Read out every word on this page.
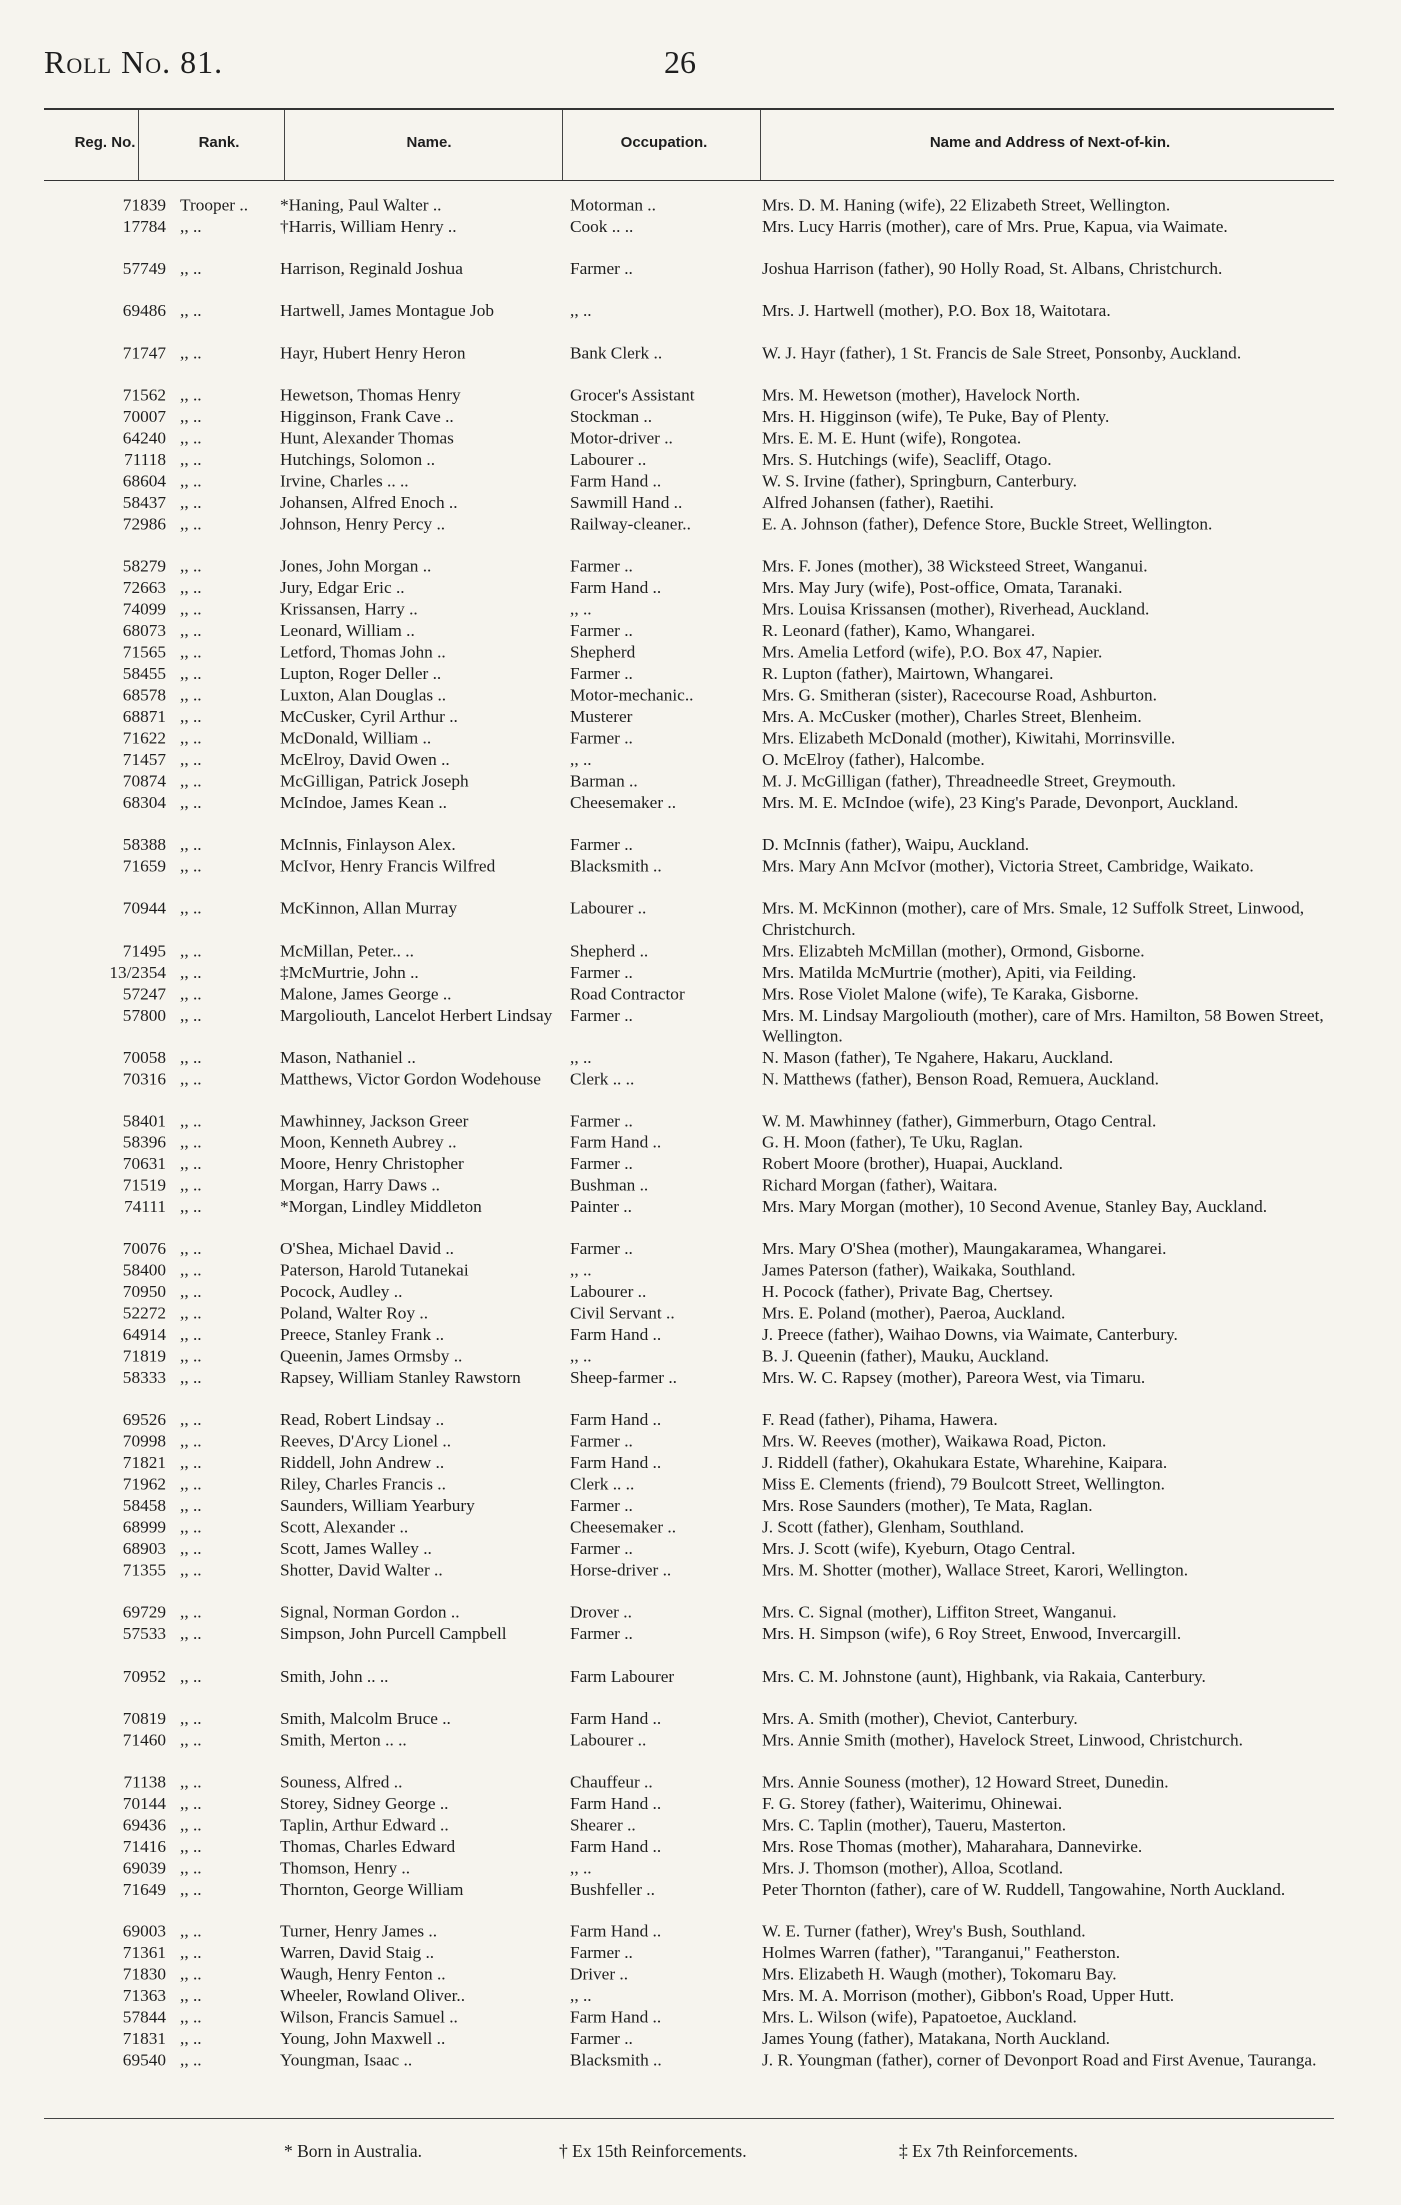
Roll No. 81.	26
Reg. No.	Rank.	Name.	Occupation.	Name and Address of Next-of-kin.
71839 Trooper ..	*Haning, Paul Walter ..	Motorman ..	Mrs. D. M. Haning (wife), 22 Elizabeth Street, Wellington.
17784 ,, ..	†Harris, William Henry ..	Cook .. ..	Mrs. Lucy Harris (mother), care of Mrs. Prue, Kapua, via Waimate.
57749 ,, ..	Harrison, Reginald Joshua	Farmer ..	Joshua Harrison (father), 90 Holly Road, St. Albans, Christchurch.
69486 ,, ..	Hartwell, James Montague Job	,, ..	Mrs. J. Hartwell (mother), P.O. Box 18, Waitotara.
71747 ,, ..	Hayr, Hubert Henry Heron	Bank Clerk ..	W. J. Hayr (father), 1 St. Francis de Sale Street, Ponsonby, Auckland.
71562 ,, ..	Hewetson, Thomas Henry	Grocer's Assistant	Mrs. M. Hewetson (mother), Havelock North.
70007 ,, ..	Higginson, Frank Cave ..	Stockman ..	Mrs. H. Higginson (wife), Te Puke, Bay of Plenty.
64240 ,, ..	Hunt, Alexander Thomas	Motor-driver ..	Mrs. E. M. E. Hunt (wife), Rongotea.
71118 ,, ..	Hutchings, Solomon ..	Labourer ..	Mrs. S. Hutchings (wife), Seacliff, Otago.
68604 ,, ..	Irvine, Charles .. ..	Farm Hand ..	W. S. Irvine (father), Springburn, Canterbury.
58437 ,, ..	Johansen, Alfred Enoch ..	Sawmill Hand ..	Alfred Johansen (father), Raetihi.
72986 ,, ..	Johnson, Henry Percy ..	Railway-cleaner..	E. A. Johnson (father), Defence Store, Buckle Street, Wellington.
58279 ,, ..	Jones, John Morgan ..	Farmer ..	Mrs. F. Jones (mother), 38 Wicksteed Street, Wanganui.
72663 ,, ..	Jury, Edgar Eric ..	Farm Hand ..	Mrs. May Jury (wife), Post-office, Omata, Taranaki.
74099 ,, ..	Krissansen, Harry ..	,, ..	Mrs. Louisa Krissansen (mother), Riverhead, Auckland.
68073 ,, ..	Leonard, William ..	Farmer ..	R. Leonard (father), Kamo, Whangarei.
71565 ,, ..	Letford, Thomas John ..	Shepherd	Mrs. Amelia Letford (wife), P.O. Box 47, Napier.
58455 ,, ..	Lupton, Roger Deller ..	Farmer ..	R. Lupton (father), Mairtown, Whangarei.
68578 ,, ..	Luxton, Alan Douglas ..	Motor-mechanic..	Mrs. G. Smitheran (sister), Racecourse Road, Ashburton.
68871 ,, ..	McCusker, Cyril Arthur ..	Musterer	Mrs. A. McCusker (mother), Charles Street, Blenheim.
71622 ,, ..	McDonald, William ..	Farmer ..	Mrs. Elizabeth McDonald (mother), Kiwitahi, Morrinsville.
71457 ,, ..	McElroy, David Owen ..	,, ..	O. McElroy (father), Halcombe.
70874 ,, ..	McGilligan, Patrick Joseph	Barman ..	M. J. McGilligan (father), Threadneedle Street, Greymouth.
68304 ,, ..	McIndoe, James Kean ..	Cheesemaker ..	Mrs. M. E. McIndoe (wife), 23 King's Parade, Devonport, Auckland.
58388 ,, ..	McInnis, Finlayson Alex.	Farmer ..	D. McInnis (father), Waipu, Auckland.
71659 ,, ..	McIvor, Henry Francis Wilfred	Blacksmith ..	Mrs. Mary Ann McIvor (mother), Victoria Street, Cambridge, Waikato.
70944 ,, ..	McKinnon, Allan Murray	Labourer ..	Mrs. M. McKinnon (mother), care of Mrs. Smale, 12 Suffolk Street, Linwood, Christchurch.
71495 ,, ..	McMillan, Peter.. ..	Shepherd ..	Mrs. Elizabteh McMillan (mother), Ormond, Gisborne.
13/2354 ,, ..	‡McMurtrie, John ..	Farmer ..	Mrs. Matilda McMurtrie (mother), Apiti, via Feilding.
57247 ,, ..	Malone, James George ..	Road Contractor	Mrs. Rose Violet Malone (wife), Te Karaka, Gisborne.
57800 ,, ..	Margoliouth, Lancelot Herbert Lindsay	Farmer ..	Mrs. M. Lindsay Margoliouth (mother), care of Mrs. Hamilton, 58 Bowen Street, Wellington.
70058 ,, ..	Mason, Nathaniel ..	,, ..	N. Mason (father), Te Ngahere, Hakaru, Auckland.
70316 ,, ..	Matthews, Victor Gordon Wodehouse	Clerk .. ..	N. Matthews (father), Benson Road, Remuera, Auckland.
58401 ,, ..	Mawhinney, Jackson Greer	Farmer ..	W. M. Mawhinney (father), Gimmerburn, Otago Central.
58396 ,, ..	Moon, Kenneth Aubrey ..	Farm Hand ..	G. H. Moon (father), Te Uku, Raglan.
70631 ,, ..	Moore, Henry Christopher	Farmer ..	Robert Moore (brother), Huapai, Auckland.
71519 ,, ..	Morgan, Harry Daws ..	Bushman ..	Richard Morgan (father), Waitara.
74111 ,, ..	*Morgan, Lindley Middleton	Painter ..	Mrs. Mary Morgan (mother), 10 Second Avenue, Stanley Bay, Auckland.
70076 ,, ..	O'Shea, Michael David ..	Farmer ..	Mrs. Mary O'Shea (mother), Maungakaramea, Whangarei.
58400 ,, ..	Paterson, Harold Tutanekai	,, ..	James Paterson (father), Waikaka, Southland.
70950 ,, ..	Pocock, Audley ..	Labourer ..	H. Pocock (father), Private Bag, Chertsey.
52272 ,, ..	Poland, Walter Roy ..	Civil Servant ..	Mrs. E. Poland (mother), Paeroa, Auckland.
64914 ,, ..	Preece, Stanley Frank ..	Farm Hand ..	J. Preece (father), Waihao Downs, via Waimate, Canterbury.
71819 ,, ..	Queenin, James Ormsby ..	,, ..	B. J. Queenin (father), Mauku, Auckland.
58333 ,, ..	Rapsey, William Stanley Rawstorn	Sheep-farmer ..	Mrs. W. C. Rapsey (mother), Pareora West, via Timaru.
69526 ,, ..	Read, Robert Lindsay ..	Farm Hand ..	F. Read (father), Pihama, Hawera.
70998 ,, ..	Reeves, D'Arcy Lionel ..	Farmer ..	Mrs. W. Reeves (mother), Waikawa Road, Picton.
71821 ,, ..	Riddell, John Andrew ..	Farm Hand ..	J. Riddell (father), Okahukara Estate, Wharehine, Kaipara.
71962 ,, ..	Riley, Charles Francis ..	Clerk .. ..	Miss E. Clements (friend), 79 Boulcott Street, Wellington.
58458 ,, ..	Saunders, William Yearbury	Farmer ..	Mrs. Rose Saunders (mother), Te Mata, Raglan.
68999 ,, ..	Scott, Alexander ..	Cheesemaker ..	J. Scott (father), Glenham, Southland.
68903 ,, ..	Scott, James Walley ..	Farmer ..	Mrs. J. Scott (wife), Kyeburn, Otago Central.
71355 ,, ..	Shotter, David Walter ..	Horse-driver ..	Mrs. M. Shotter (mother), Wallace Street, Karori, Wellington.
69729 ,, ..	Signal, Norman Gordon ..	Drover ..	Mrs. C. Signal (mother), Liffiton Street, Wanganui.
57533 ,, ..	Simpson, John Purcell Campbell	Farmer ..	Mrs. H. Simpson (wife), 6 Roy Street, Enwood, Invercargill.
70952 ,, ..	Smith, John .. ..	Farm Labourer	Mrs. C. M. Johnstone (aunt), Highbank, via Rakaia, Canterbury.
70819 ,, ..	Smith, Malcolm Bruce ..	Farm Hand ..	Mrs. A. Smith (mother), Cheviot, Canterbury.
71460 ,, ..	Smith, Merton .. ..	Labourer ..	Mrs. Annie Smith (mother), Havelock Street, Linwood, Christchurch.
71138 ,, ..	Souness, Alfred ..	Chauffeur ..	Mrs. Annie Souness (mother), 12 Howard Street, Dunedin.
70144 ,, ..	Storey, Sidney George ..	Farm Hand ..	F. G. Storey (father), Waiterimu, Ohinewai.
69436 ,, ..	Taplin, Arthur Edward ..	Shearer ..	Mrs. C. Taplin (mother), Taueru, Masterton.
71416 ,, ..	Thomas, Charles Edward	Farm Hand ..	Mrs. Rose Thomas (mother), Maharahara, Dannevirke.
69039 ,, ..	Thomson, Henry ..	,, ..	Mrs. J. Thomson (mother), Alloa, Scotland.
71649 ,, ..	Thornton, George William	Bushfeller ..	Peter Thornton (father), care of W. Ruddell, Tangowahine, North Auckland.
69003 ,, ..	Turner, Henry James ..	Farm Hand ..	W. E. Turner (father), Wrey's Bush, Southland.
71361 ,, ..	Warren, David Staig ..	Farmer ..	Holmes Warren (father), "Taranganui," Featherston.
71830 ,, ..	Waugh, Henry Fenton ..	Driver ..	Mrs. Elizabeth H. Waugh (mother), Tokomaru Bay.
71363 ,, ..	Wheeler, Rowland Oliver..	,, ..	Mrs. M. A. Morrison (mother), Gibbon's Road, Upper Hutt.
57844 ,, ..	Wilson, Francis Samuel ..	Farm Hand ..	Mrs. L. Wilson (wife), Papatoetoe, Auckland.
71831 ,, ..	Young, John Maxwell ..	Farmer ..	James Young (father), Matakana, North Auckland.
69540 ,, ..	Youngman, Isaac ..	Blacksmith ..	J. R. Youngman (father), corner of Devonport Road and First Avenue, Tauranga.
* Born in Australia.	† Ex 15th Reinforcements.	‡ Ex 7th Reinforcements.
